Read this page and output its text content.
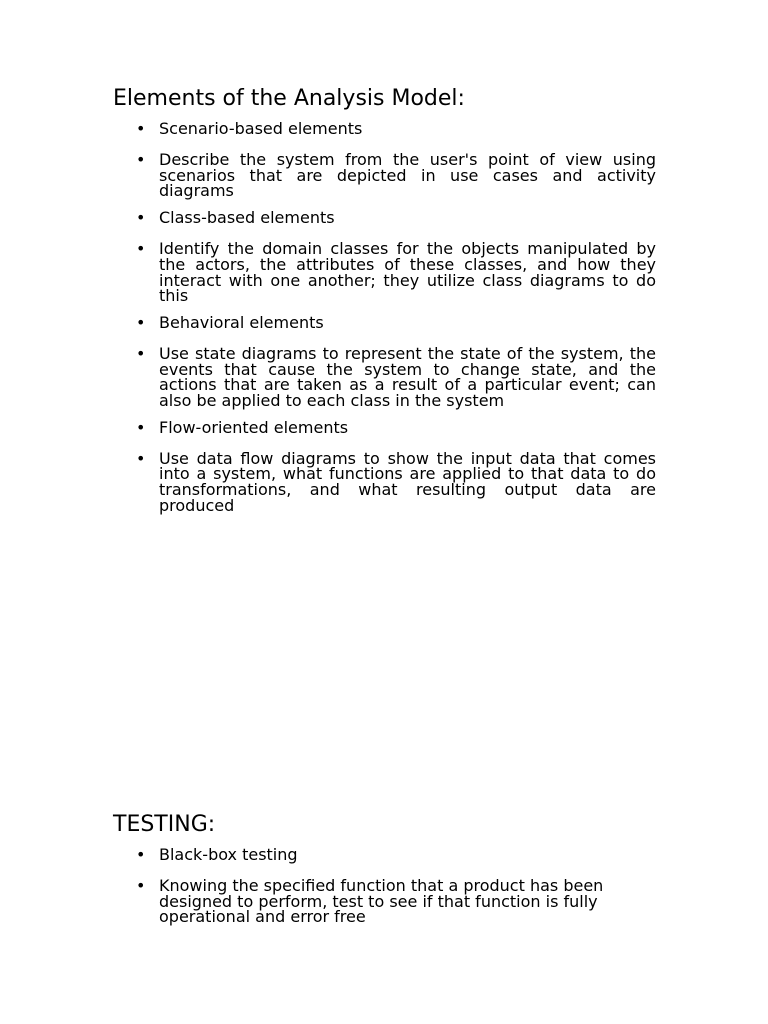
Elements of the Analysis Model:
• Scenario-based elements
• Describe the system from the user's point of view using scenarios that are depicted in use cases and activity diagrams
• Class-based elements
• Identify the domain classes for the objects manipulated by the actors, the attributes of these classes, and how they interact with one another; they utilize class diagrams to do this
• Behavioral elements
• Use state diagrams to represent the state of the system, the events that cause the system to change state, and the actions that are taken as a result of a particular event; can also be applied to each class in the system
• Flow-oriented elements
• Use data flow diagrams to show the input data that comes into a system, what functions are applied to that data to do transformations, and what resulting output data are produced
TESTING:
• Black-box testing
• Knowing the specified function that a product has been designed to perform, test to see if that function is fully operational and error free
